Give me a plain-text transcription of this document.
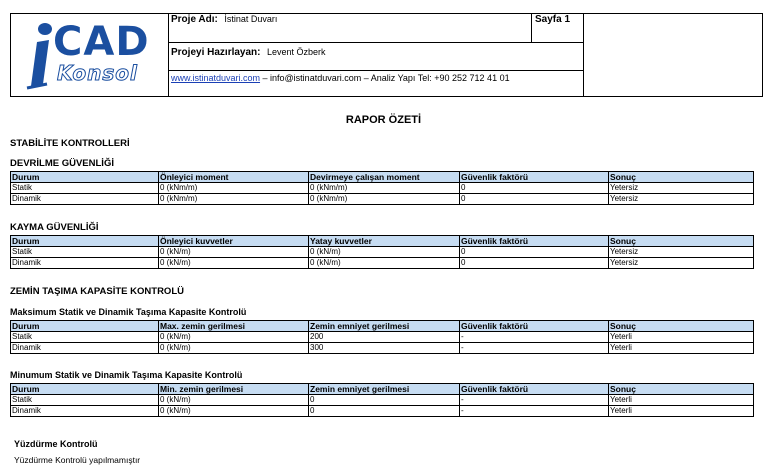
CAD
Konsol
Proje Adı: İstinat Duvarı	Sayfa 1
Projeyi Hazırlayan: Levent Özberk
www.istinatduvari.com – info@istinatduvari.com – Analiz Yapı Tel: +90 252 712 41 01
RAPOR ÖZETİ
STABİLİTE KONTROLLERİ
DEVRİLME GÜVENLİĞİ
Durum	Önleyici moment	Devirmeye çalışan moment	Güvenlik faktörü	Sonuç
Statik	0 (kNm/m)	0 (kNm/m)	0	Yetersiz
Dinamik	0 (kNm/m)	0 (kNm/m)	0	Yetersiz
KAYMA GÜVENLİĞİ
Durum	Önleyici kuvvetler	Yatay kuvvetler	Güvenlik faktörü	Sonuç
Statik	0 (kN/m)	0 (kN/m)	0	Yetersiz
Dinamik	0 (kN/m)	0 (kN/m)	0	Yetersiz
ZEMİN TAŞIMA KAPASİTE KONTROLÜ
Maksimum Statik ve Dinamik Taşıma Kapasite Kontrolü
Durum	Max. zemin gerilmesi	Zemin emniyet gerilmesi	Güvenlik faktörü	Sonuç
Statik	0 (kN/m)	200	-	Yeterli
Dinamik	0 (kN/m)	300	-	Yeterli
Minumum Statik ve Dinamik Taşıma Kapasite Kontrolü
Durum	Min. zemin gerilmesi	Zemin emniyet gerilmesi	Güvenlik faktörü	Sonuç
Statik	0 (kN/m)	0	-	Yeterli
Dinamik	0 (kN/m)	0	-	Yeterli
Yüzdürme Kontrolü
Yüzdürme Kontrolü yapılmamıştır
